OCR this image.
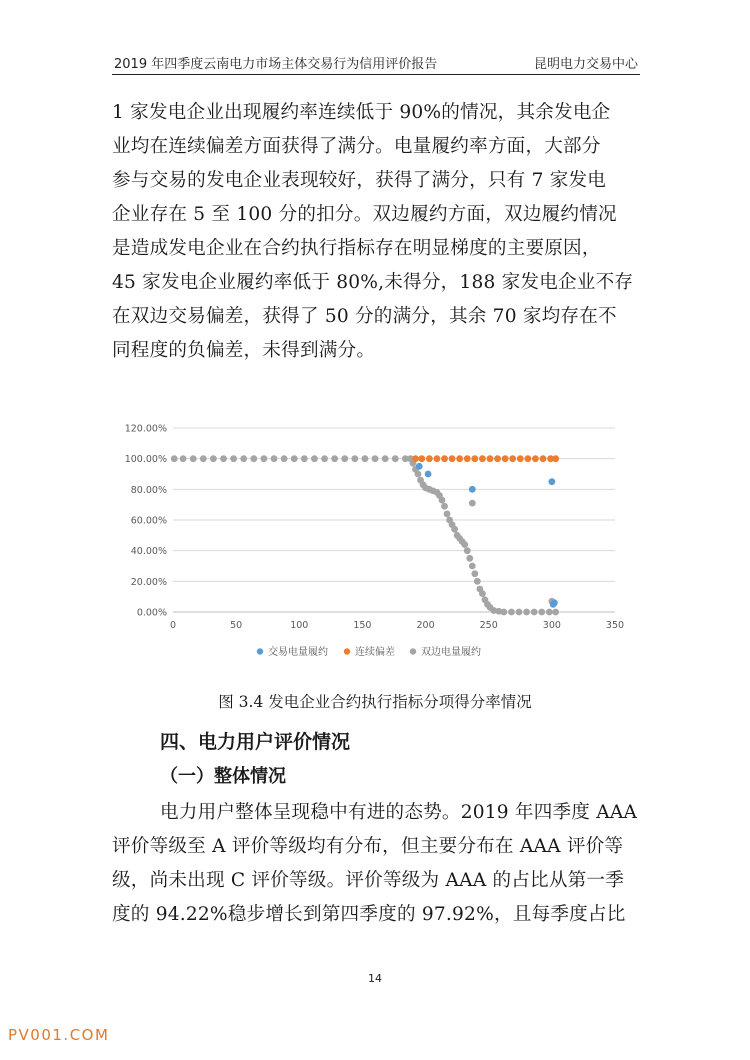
2019 年四季度云南电力市场主体交易行为信用评价报告	昆明电力交易中心
1 家发电企业出现履约率连续低于 90%的情况，其余发电企
业均在连续偏差方面获得了满分。电量履约率方面，大部分
参与交易的发电企业表现较好，获得了满分，只有 7 家发电
企业存在 5 至 100 分的扣分。双边履约方面，双边履约情况
是造成发电企业在合约执行指标存在明显梯度的主要原因，
45 家发电企业履约率低于 80%,未得分，188 家发电企业不存
在双边交易偏差，获得了 50 分的满分，其余 70 家均存在不
同程度的负偏差，未得到满分。
0.00%
20.00%
40.00%
60.00%
80.00%
100.00%
120.00%
0	50	100	150	200	250	300	350
交易电量履约	连续偏差	双边电量履约
图 3.4 发电企业合约执行指标分项得分率情况
四、电力用户评价情况
（一）整体情况
电力用户整体呈现稳中有进的态势。2019 年四季度 AAA
评价等级至 A 评价等级均有分布，但主要分布在 AAA 评价等
级，尚未出现 C 评价等级。评价等级为 AAA 的占比从第一季
度的 94.22%稳步增长到第四季度的 97.92%，且每季度占比
14
PV001.COM
